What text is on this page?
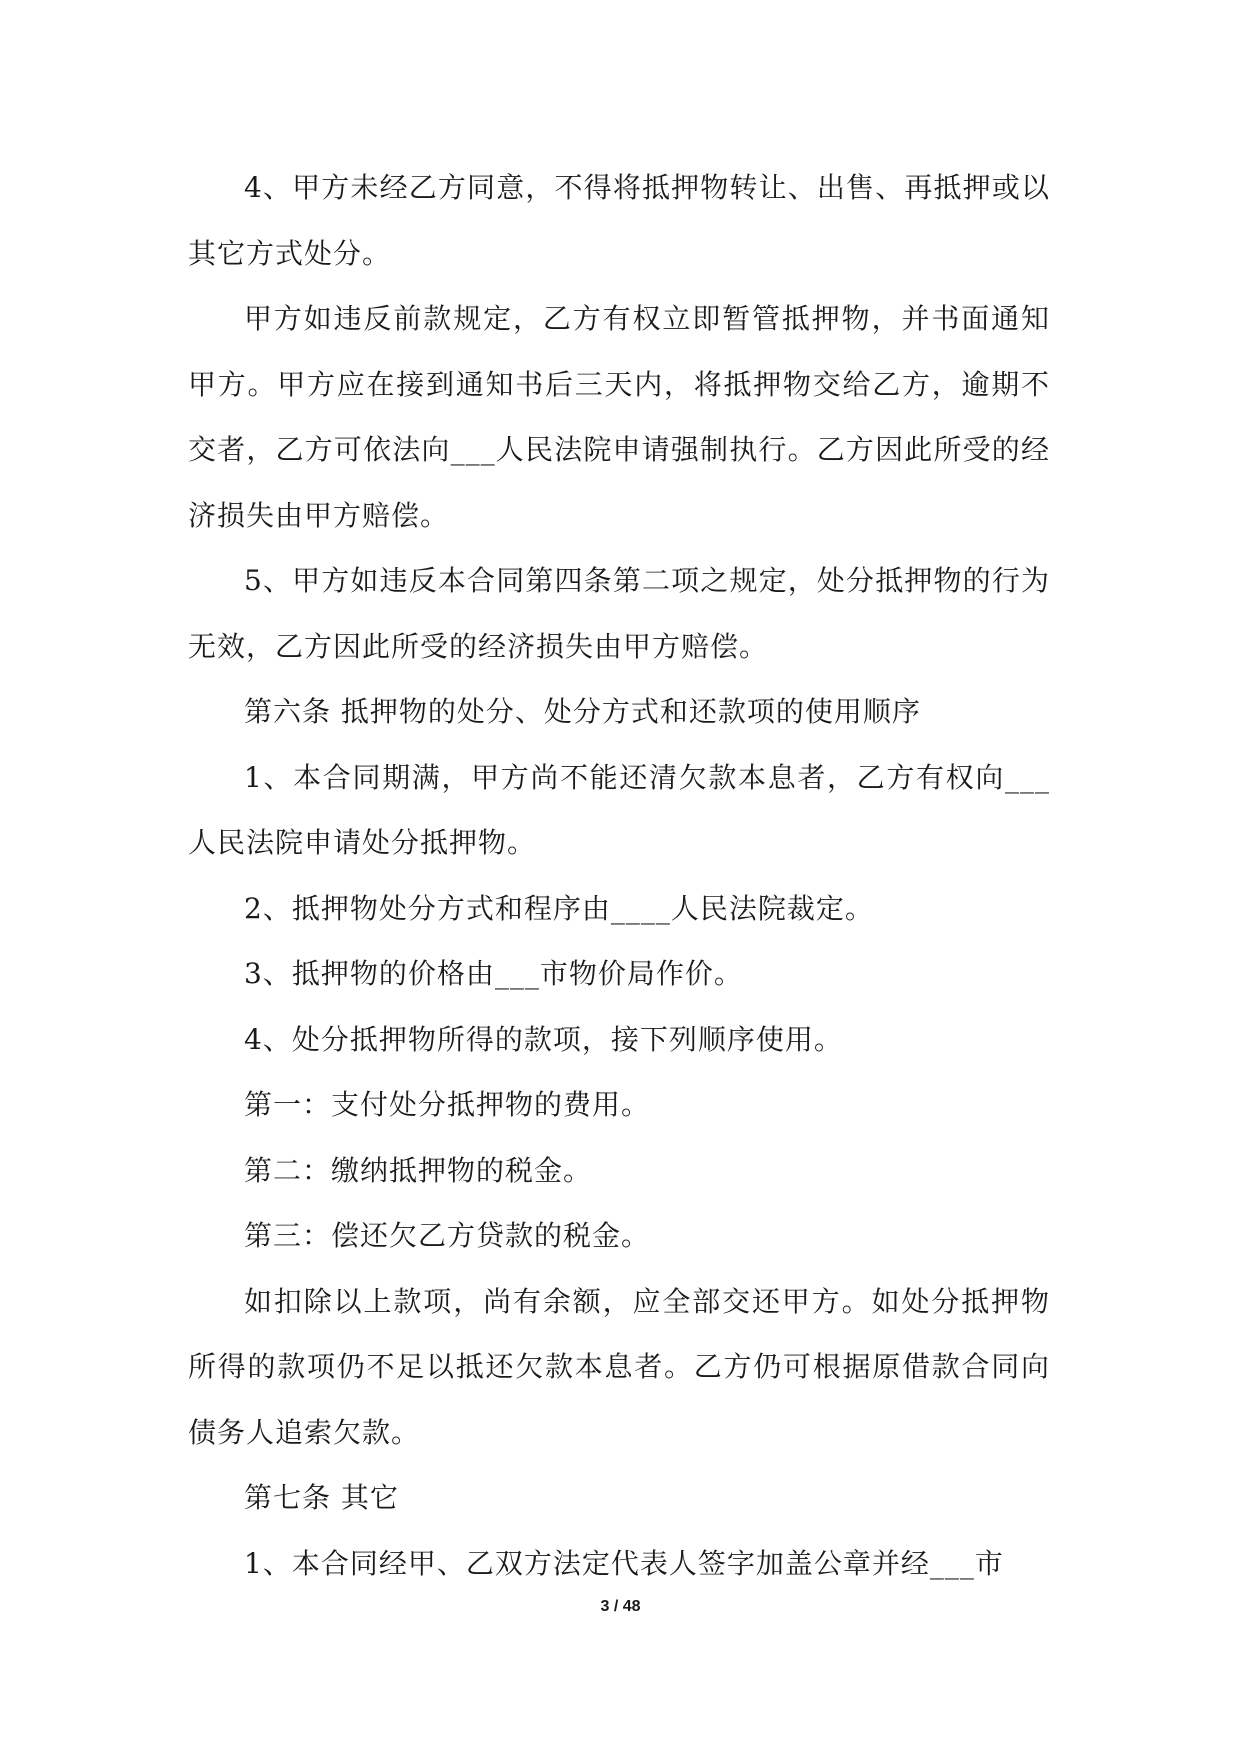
4、甲方未经乙方同意，不得将抵押物转让、出售、再抵押或以其它方式处分。

甲方如违反前款规定，乙方有权立即暂管抵押物，并书面通知甲方。甲方应在接到通知书后三天内，将抵押物交给乙方，逾期不交者，乙方可依法向___人民法院申请强制执行。乙方因此所受的经济损失由甲方赔偿。

5、甲方如违反本合同第四条第二项之规定，处分抵押物的行为无效，乙方因此所受的经济损失由甲方赔偿。

第六条 抵押物的处分、处分方式和还款项的使用顺序

1、本合同期满，甲方尚不能还清欠款本息者，乙方有权向___人民法院申请处分抵押物。

2、抵押物处分方式和程序由____人民法院裁定。

3、抵押物的价格由___市物价局作价。

4、处分抵押物所得的款项，接下列顺序使用。

第一：支付处分抵押物的费用。

第二：缴纳抵押物的税金。

第三：偿还欠乙方贷款的税金。

如扣除以上款项，尚有余额，应全部交还甲方。如处分抵押物所得的款项仍不足以抵还欠款本息者。乙方仍可根据原借款合同向债务人追索欠款。

第七条 其它

1、本合同经甲、乙双方法定代表人签字加盖公章并经___市

3 / 48
